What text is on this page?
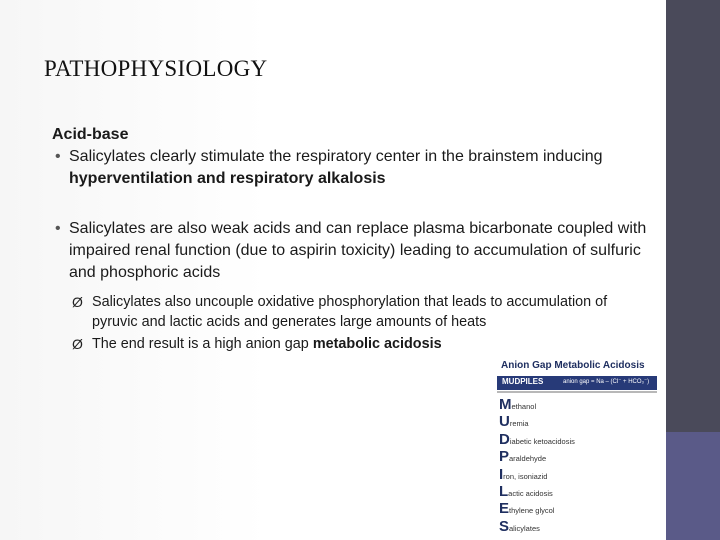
PATHOPHYSIOLOGY

Acid-base

• Salicylates clearly stimulate the respiratory center in the brainstem inducing hyperventilation and respiratory alkalosis

• Salicylates are also weak acids and can replace plasma bicarbonate coupled with impaired renal function (due to aspirin toxicity) leading to accumulation of sulfuric and phosphoric acids

Ø Salicylates also uncouple oxidative phosphorylation that leads to accumulation of pyruvic and lactic acids and generates large amounts of heats

Ø The end result is a high anion gap metabolic acidosis

Anion Gap Metabolic Acidosis
MUDPILES	anion gap = Na – (Cl⁻ + HCO₃⁻)
Methanol
Uremia
Diabetic ketoacidosis
Paraldehyde
Iron, isoniazid
Lactic acidosis
Ethylene glycol
Salicylates
